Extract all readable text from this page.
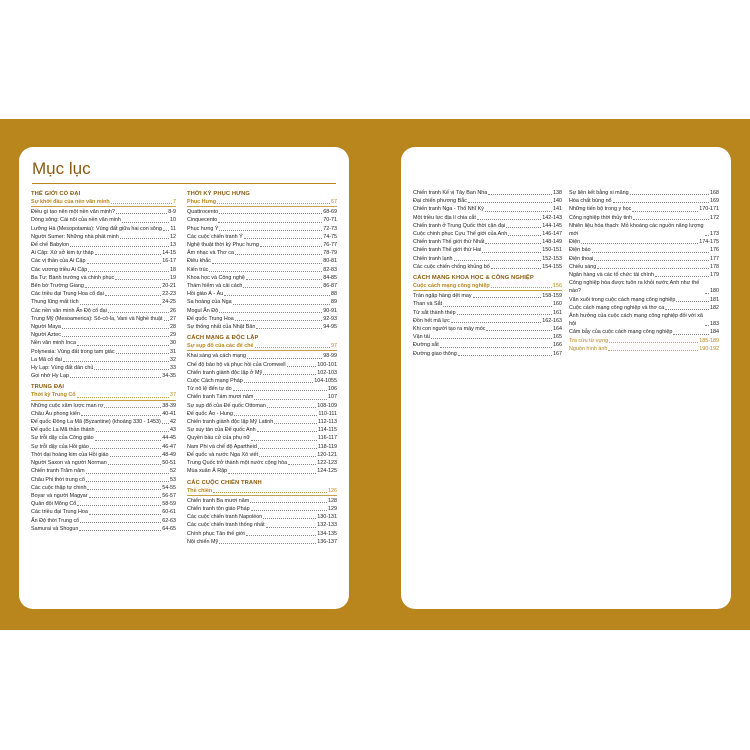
Mục lục
THẾ GIỚI CỔ ĐẠI
Sự khởi đầu của nền văn minh	7
Điều gì tạo nên một nền văn minh?	8-9
Dòng sông: Cái nôi của nền văn minh	10
Lưỡng Hà (Mesopotamia): Vùng đất giữa hai con sông 11
Người Sumer: Những nhà phát minh	12
Đế chế Babylon	13
Ai Cập: Xứ sở kim tự tháp	14-15
Các vị thần của Ai Cập	16-17
Các vương triều Ai Cập	18
Ba Tư: Bành trướng và chinh phục	19
Bên bờ Trường Giang	20-21
Các triều đại Trung Hoa cổ đại	22-23
Thung lũng mất tích	24-25
Các nền văn minh Ấn Độ cổ đại	26
Trung Mỹ (Mesoamerica): Sô-cô-la, Vani và Nghề thuật 27
Người Maya	28
Người Aztec	29
Nền văn minh Inca	30
Polynesia: Vùng đất trong tam giác	31
La Mã cổ đại	32
Hy Lạp: Vùng đất dân chủ	33
Gọi nhớ Hy Lạp	34-35
TRUNG ĐẠI
Thời kỳ Trung Cổ	37
Những cuộc xâm lược man rợ	38-39
Châu Âu phong kiến	40-41
Đế quốc Đông La Mã (Byzantine) (khoảng 330 - 1453) 42
Đế quốc La Mã thần thánh	43
Sự trỗi dậy của Công giáo	44-45
Sự trỗi dậy của Hồi giáo	46-47
Thời đại hoàng kim của Hồi giáo	48-49
Người Saxon và người Norman	50-51
Chiến tranh Trăm năm	52
Châu Phi thời trung cổ	53
Các cuộc thập tự chinh	54-55
Boyar và người Magyar	56-57
Quân đội Mông Cổ	58-59
Các triều đại Trung Hoa	60-61
Ấn Độ thời Trung cổ	62-63
Samurai và Shogun	64-65
THỜI KỲ PHỤC HƯNG
Phục Hưng	67
Quattrocento	68-69
Cinquecento	70-71
Phục hưng Ý	72-73
Các cuộc chiến tranh Ý	74-75
Nghệ thuật thời kỳ Phục hưng	76-77
Âm nhạc và Thơ ca	78-79
Điêu khắc	80-81
Kiến trúc	82-83
Khoa học và Công nghệ	84-85
Thám hiểm và cải cách	86-87
Hồi giáo Á - Âu	88
Sa hoàng của Nga	89
Mogul Ấn Độ	90-91
Đế quốc Trung Hoa	92-93
Sự thống nhất của Nhật Bản	94-95
CÁCH MẠNG & ĐỘC LẬP
Sự sụp đổ của các đế chế	97
Khai sáng và cách mạng	98-99
Chế độ bảo hộ và phục hồi của Cromwell	100-101
Chiến tranh giành độc lập ở Mỹ	102-103
Cuộc Cách mạng Pháp	104-1055
Từ nô lệ đến tự do	106
Chiến tranh Tám mươi năm	107
Sự sụp đổ của Đế quốc Ottoman	108-109
Đế quốc Áo - Hung	110-111
Chiến tranh giành độc lập Mỹ Latinh	112-113
Sự suy tàn của Đế quốc Anh	114-115
Quyền bầu cử của phụ nữ	116-117
Nam Phi và chế độ Apartheid	118-119
Đế quốc và nước Nga Xô viết	120-121
Trung Quốc trở thành một nước cộng hòa	122-123
Mùa xuân Ả Rập	124-125
CÁC CUỘC CHIẾN TRANH
Thế chiến	126
Chiến tranh Ba mươi năm	128
Chiến tranh tôn giáo Pháp	129
Các cuộc chiến tranh Napoléon	130-131
Các cuộc chiến tranh thống nhất	132-133
Chính phục Tân thế giới	134-135
Nội chiến Mỹ	136-137
Chiến tranh Kế vị Tây Ban Nha	138
Đại chiến phương Bắc	140
Chiến tranh Nga - Thổ Nhĩ Kỳ	141
Một triều lực địa lí chia cắt	142-143
Chiến tranh ở Trung Quốc thời cận đại	144-145
Cuộc chinh phục Cựu Thế giới của Anh	146-147
Chiến tranh Thế giới thứ Nhất	148-149
Chiến tranh Thế giới thứ Hai	150-151
Chiến tranh lạnh	152-153
Các cuộc chiến chống khủng bố	154-155
CÁCH MẠNG KHOA HỌC & CÔNG NGHIỆP
Cuộc cách mạng công nghiệp	156
Tràn ngập hàng dệt may	158-159
Than và Sắt	160
Từ sắt thành thép	161
Đồn hết mã lực	162-163
Khi con người tạo ra máy móc	164
Vận tải	165
Đường sắt	166
Đường giao thông	167
Sự liên kết bằng xi măng	168
Hóa chất bùng nổ	169
Những tiến bộ trong y học	170-171
Công nghiệp thời thủy tinh	172
Nhiên liệu hóa thạch: Mỏ khoáng các nguồn năng lượng mới	173
Điện	174-175
Điện báo	176
Điện thoại	177
Chiếu sáng	178
Ngân hàng và các tổ chức tài chính	179
Công nghiệp hóa được tuôn ra khỏi nước Anh như thế nào?	180
Văn xuôi trong cuộc cách mạng công nghiệp	181
Cuộc cách mạng công nghiệp và thơ ca	182
Ảnh hưởng của cuộc cách mạng công nghiệp đối với xã hội	183
Cảm bẫy của cuộc cách mạng công nghiệp	184
Tra cứu từ vựng	185-189
Nguồn hình ảnh	190-192
